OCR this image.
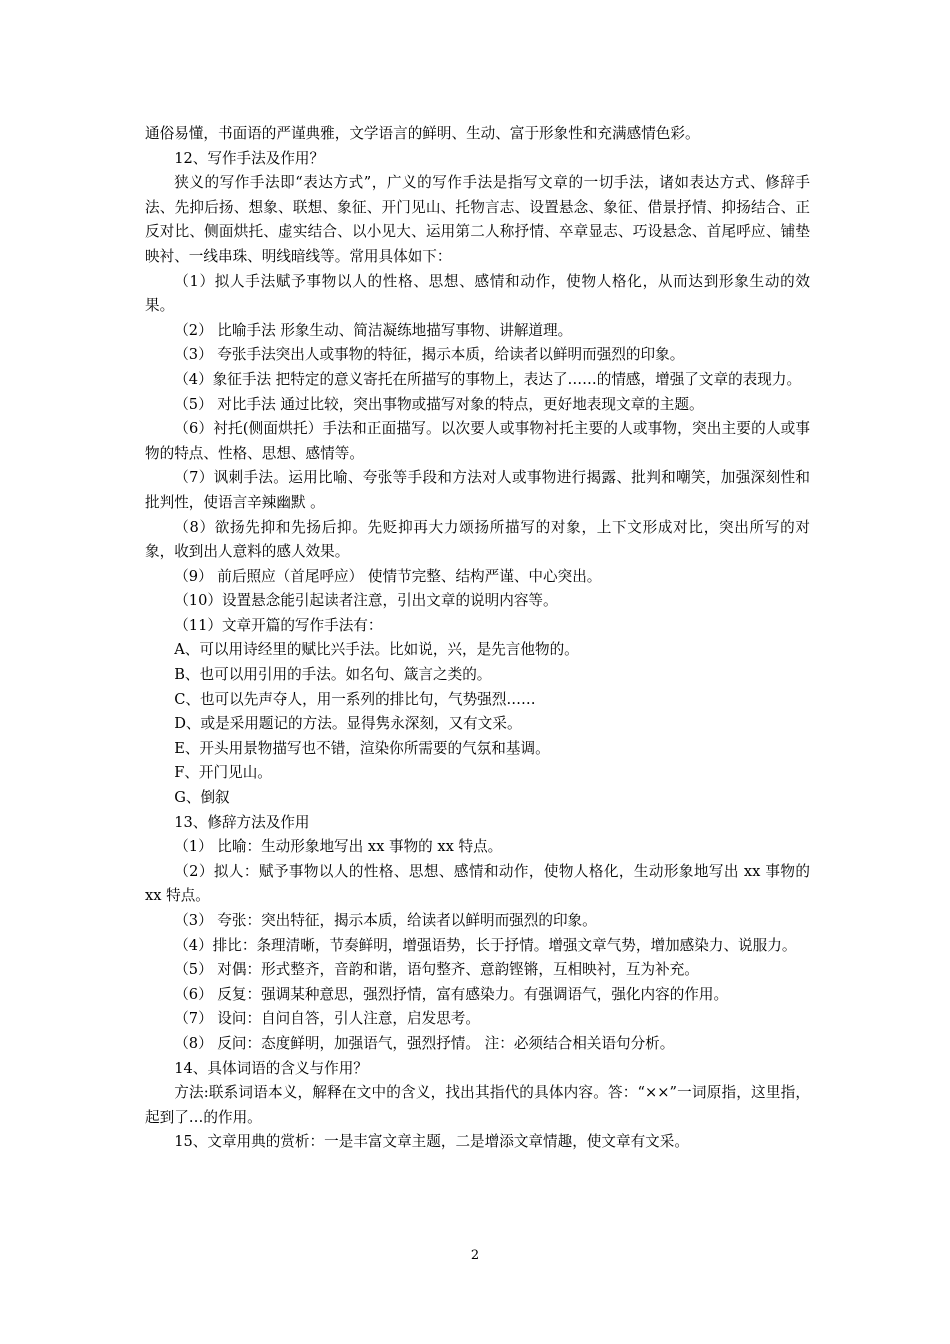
通俗易懂，书面语的严谨典雅，文学语言的鲜明、生动、富于形象性和充满感情色彩。

12、写作手法及作用？

狭义的写作手法即“表达方式”，广义的写作手法是指写文章的一切手法，诸如表达方式、修辞手法、先抑后扬、想象、联想、象征、开门见山、托物言志、设置悬念、象征、借景抒情、抑扬结合、正反对比、侧面烘托、虚实结合、以小见大、运用第二人称抒情、卒章显志、巧设悬念、首尾呼应、铺垫映衬、一线串珠、明线暗线等。常用具体如下：

（1）拟人手法赋予事物以人的性格、思想、感情和动作，使物人格化，从而达到形象生动的效果。

（2） 比喻手法 形象生动、简洁凝练地描写事物、讲解道理。

（3） 夸张手法突出人或事物的特征，揭示本质，给读者以鲜明而强烈的印象。

（4）象征手法 把特定的意义寄托在所描写的事物上，表达了……的情感，增强了文章的表现力。

（5） 对比手法 通过比较，突出事物或描写对象的特点，更好地表现文章的主题。

（6）衬托(侧面烘托）手法和正面描写。以次要人或事物衬托主要的人或事物，突出主要的人或事物的特点、性格、思想、感情等。

（7）讽刺手法。运用比喻、夸张等手段和方法对人或事物进行揭露、批判和嘲笑，加强深刻性和批判性，使语言辛辣幽默 。

（8）欲扬先抑和先扬后抑。先贬抑再大力颂扬所描写的对象，上下文形成对比，突出所写的对象，收到出人意料的感人效果。

（9） 前后照应（首尾呼应） 使情节完整、结构严谨、中心突出。

（10）设置悬念能引起读者注意，引出文章的说明内容等。

（11）文章开篇的写作手法有：

A、可以用诗经里的赋比兴手法。比如说，兴，是先言他物的。

B、也可以用引用的手法。如名句、箴言之类的。

C、也可以先声夺人，用一系列的排比句，气势强烈……

D、或是采用题记的方法。显得隽永深刻，又有文采。

E、开头用景物描写也不错，渲染你所需要的气氛和基调。

F、开门见山。

G、倒叙

13、修辞方法及作用

（1） 比喻：生动形象地写出 xx 事物的 xx 特点。

（2）拟人：赋予事物以人的性格、思想、感情和动作，使物人格化，生动形象地写出 xx 事物的 xx 特点。

（3） 夸张：突出特征，揭示本质，给读者以鲜明而强烈的印象。

（4）排比：条理清晰，节奏鲜明，增强语势，长于抒情。增强文章气势，增加感染力、说服力。

（5） 对偶：形式整齐，音韵和谐，语句整齐、意韵铿锵，互相映衬，互为补充。

（6） 反复：强调某种意思，强烈抒情，富有感染力。有强调语气，强化内容的作用。

（7） 设问：自问自答，引人注意，启发思考。

（8） 反问：态度鲜明，加强语气，强烈抒情。 注：必须结合相关语句分析。

14、具体词语的含义与作用？

方法:联系词语本义，解释在文中的含义，找出其指代的具体内容。答：“××”一词原指，这里指，起到了…的作用。

15、文章用典的赏析：一是丰富文章主题，二是增添文章情趣，使文章有文采。

2
